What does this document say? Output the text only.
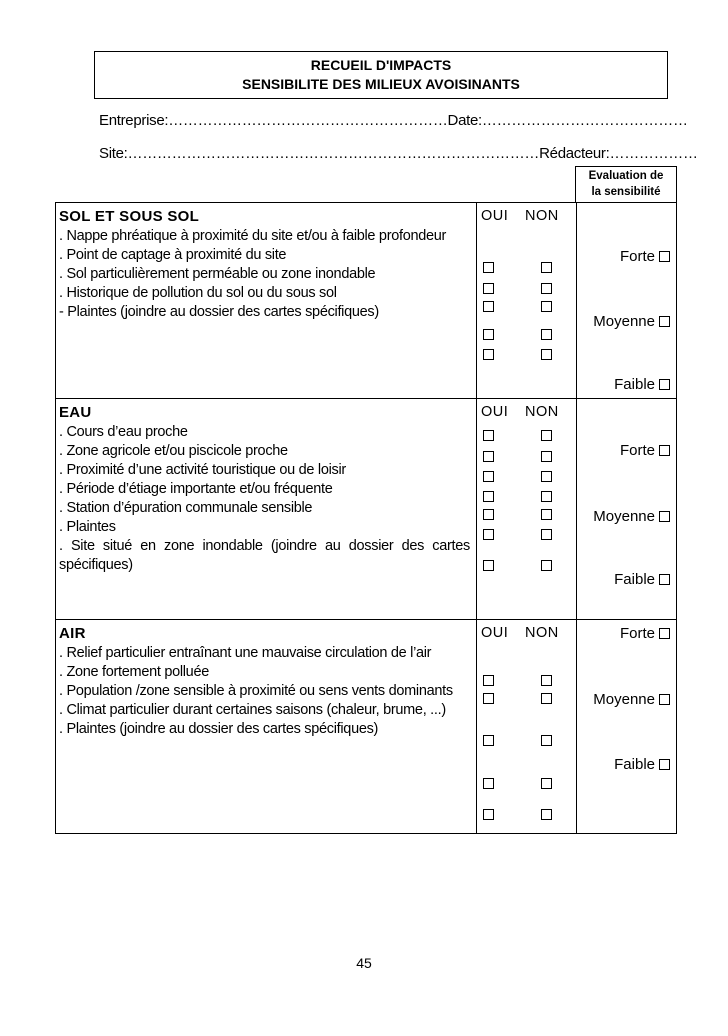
RECUEIL D'IMPACTS
SENSIBILITE DES MILIEUX AVOISINANTS
Entreprise:…………………………………………………Date:……………………………………
Site:…………………………………………………………………………Rédacteur:………………
Evaluation de
la sensibilité
SOL ET SOUS SOL
. Nappe phréatique à proximité du site et/ou à faible profondeur
. Point de captage à proximité du site
. Sol particulièrement perméable ou zone inondable
. Historique de pollution du sol ou du sous sol
- Plaintes (joindre au dossier des cartes spécifiques)
OUI NON
Forte
Moyenne
Faible
EAU
. Cours d’eau proche
. Zone agricole et/ou piscicole proche
. Proximité d’une activité touristique ou de loisir
. Période d’étiage importante et/ou fréquente
. Station d’épuration communale sensible
. Plaintes
. Site situé en zone inondable (joindre au dossier des cartes spécifiques)
OUI NON
Forte
Moyenne
Faible
AIR
. Relief particulier entraînant une mauvaise circulation de l’air
. Zone fortement polluée
. Population /zone sensible à proximité ou sens vents dominants
. Climat particulier durant certaines saisons (chaleur, brume, ...)
. Plaintes (joindre au dossier des cartes spécifiques)
OUI NON	Forte
Moyenne
Faible
45
